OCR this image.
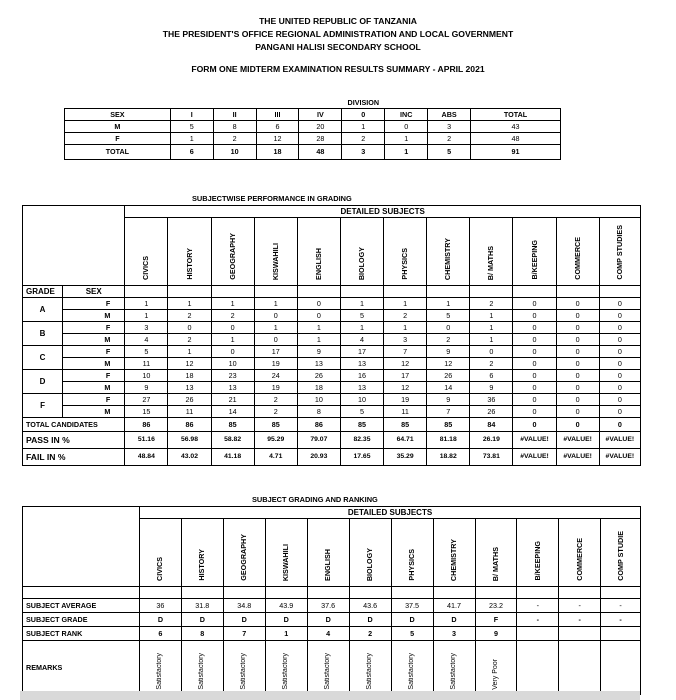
THE UNITED REPUBLIC OF TANZANIA
THE PRESIDENT'S OFFICE REGIONAL ADMINISTRATION AND LOCAL GOVERNMENT
PANGANI HALISI SECONDARY SCHOOL
FORM ONE MIDTERM EXAMINATION RESULTS SUMMARY - APRIL 2021
					DIVISION			
SEX	I	II	III	IV	0	INC	ABS	TOTAL
M	5	8	6	20	1	0	3	43
F	1	2	12	28	2	1	2	48
TOTAL	6	10	18	48	3	1	5	91
SUBJECTWISE PERFORMANCE IN GRADING
		DETAILED SUBJECTS											
		CIVICS	HISTORY	GEOGRAPHY	KISWAHILI	ENGLISH	BIOLOGY	PHYSICS	CHEMISTRY	B/ MATHS	B/KEEPING	COMMERCE	COMP STUDIES
GRADE	SEX												
A	F	1	1	1	1	0	1	1	1	2	0	0	0
	M	1	2	2	0	0	5	2	5	1	0	0	0
B	F	3	0	0	1	1	1	1	0	1	0	0	0
	M	4	2	1	0	1	4	3	2	1	0	0	0
C	F	5	1	0	17	9	17	7	9	0	0	0	0
	M	11	12	10	19	13	13	12	12	2	0	0	0
D	F	10	18	23	24	26	16	17	26	6	0	0	0
	M	9	13	13	19	18	13	12	14	9	0	0	0
F	F	27	26	21	2	10	10	19	9	36	0	0	0
	M	15	11	14	2	8	5	11	7	26	0	0	0
TOTAL CANDIDATES		86	86	85	85	86	85	85	85	84	0	0	0
PASS IN %		51.16	56.98	58.82	95.29	79.07	82.35	64.71	81.18	26.19	#VALUE!	#VALUE!	#VALUE!
FAIL IN %		48.84	43.02	41.18	4.71	20.93	17.65	35.29	18.82	73.81	#VALUE!	#VALUE!	#VALUE!
SUBJECT GRADING AND RANKING
	DETAILED SUBJECTS											
	CIVICS	HISTORY	GEOGRAPHY	KISWAHILI	ENGLISH	BIOLOGY	PHYSICS	CHEMISTRY	B/ MATHS	B/KEEPING	COMMERCE	COMP STUDIE

SUBJECT AVERAGE	36	31.8	34.8	43.9	37.6	43.6	37.5	41.7	23.2	-	-	-
SUBJECT GRADE	D	D	D	D	D	D	D	D	F	-	-	-
SUBJECT RANK	6	8	7	1	4	2	5	3	9			
REMARKS	Satisfactory	Satisfactory	Satisfactory	Satisfactory	Satisfactory	Satisfactory	Satisfactory	Satisfactory	Very Poor			
